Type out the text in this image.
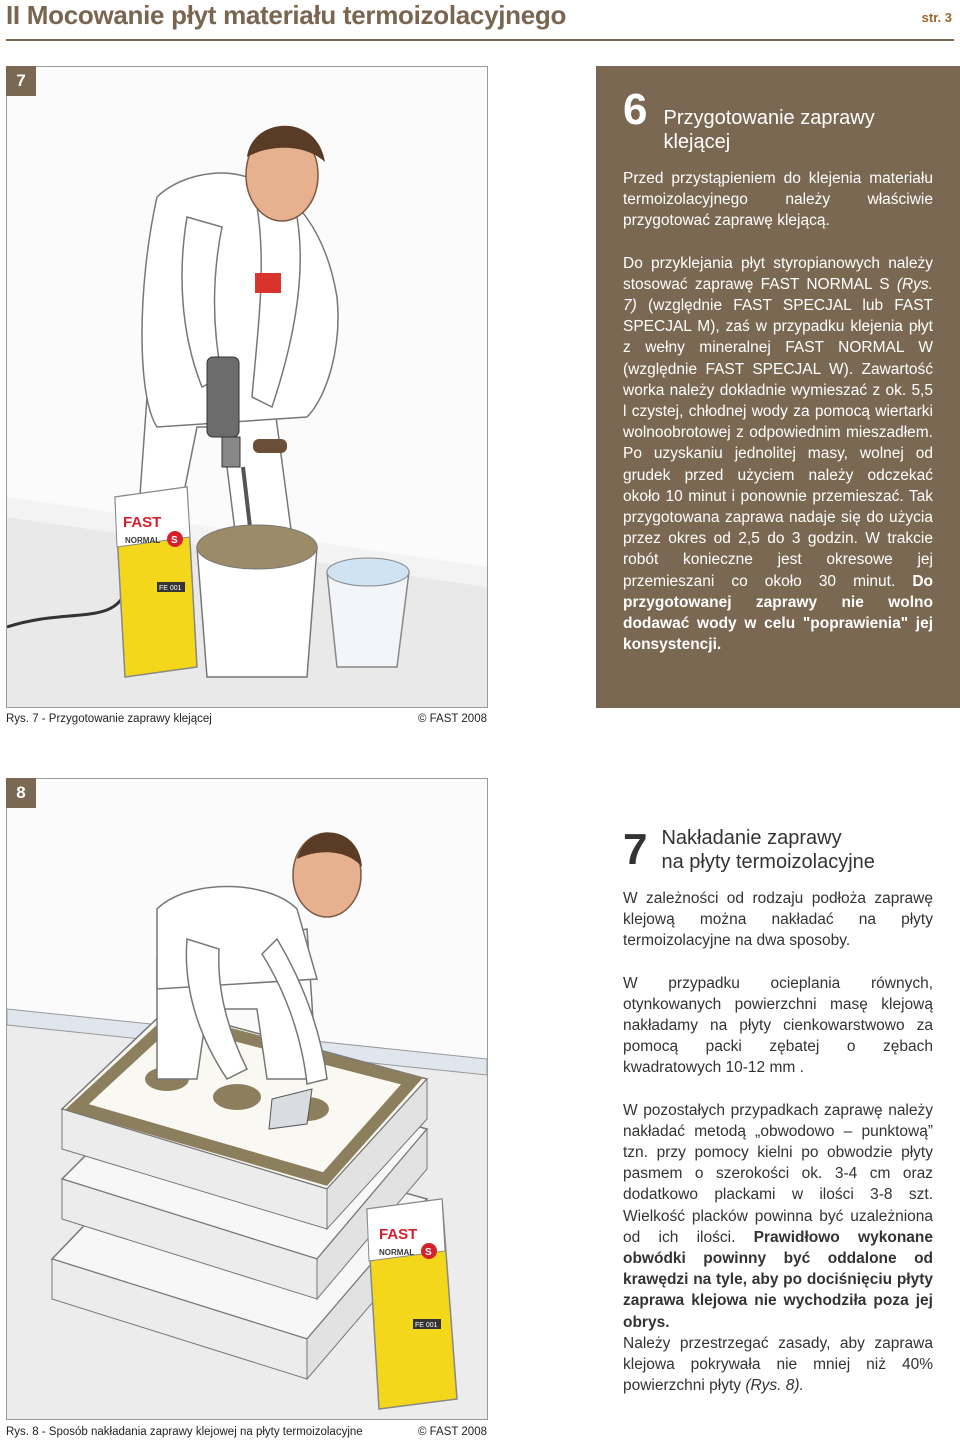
II Mocowanie płyt materiału termoizolacyjnego	str. 3
FAST
NORMAL S
FE 001
7
Rys. 7 - Przygotowanie zaprawy klejącej	© FAST 2008
6 Przygotowanie zaprawy klejącej

Przed przystąpieniem do klejenia materiału termoizolacyjnego należy właściwie przygotować zaprawę klejącą.

Do przyklejania płyt styropianowych należy stosować zaprawę FAST NORMAL S (Rys. 7) (względnie FAST SPECJAL lub FAST SPECJAL M), zaś w przypadku klejenia płyt z wełny mineralnej FAST NORMAL W (względnie FAST SPECJAL W). Zawartość worka należy dokładnie wymieszać z ok. 5,5 l czystej, chłodnej wody za pomocą wiertarki wolnoobrotowej z odpowiednim mieszadłem. Po uzyskaniu jednolitej masy, wolnej od grudek przed użyciem należy odczekać około 10 minut i ponownie przemieszać. Tak przygotowana zaprawa nadaje się do użycia przez okres od 2,5 do 3 godzin. W trakcie robót konieczne jest okresowe jej przemieszani co około 30 minut. Do przygotowanej zaprawy nie wolno dodawać wody w celu "poprawienia" jej konsystencji.

FAST
NORMAL S
FE 001
8
Rys. 8 - Sposób nakładania zaprawy klejowej na płyty termoizolacyjne	© FAST 2008
7 Nakładanie zaprawy
na płyty termoizolacyjne

W zależności od rodzaju podłoża zaprawę klejową można nakładać na płyty termoizolacyjne na dwa sposoby.

W przypadku ocieplania równych, otynkowanych powierzchni masę klejową nakładamy na płyty cienkowarstwowo za pomocą packi zębatej o zębach kwadratowych 10-12 mm .

W pozostałych przypadkach zaprawę należy nakładać metodą „obwodowo – punktową” tzn. przy pomocy kielni po obwodzie płyty pasmem o szerokości ok. 3-4 cm oraz dodatkowo plackami w ilości 3-8 szt. Wielkość placków powinna być uzależniona od ich ilości. Prawidłowo wykonane obwódki powinny być oddalone od krawędzi na tyle, aby po dociśnięciu płyty zaprawa klejowa nie wychodziła poza jej obrys.

Należy przestrzegać zasady, aby zaprawa klejowa pokrywała nie mniej niż 40% powierzchni płyty (Rys. 8).
